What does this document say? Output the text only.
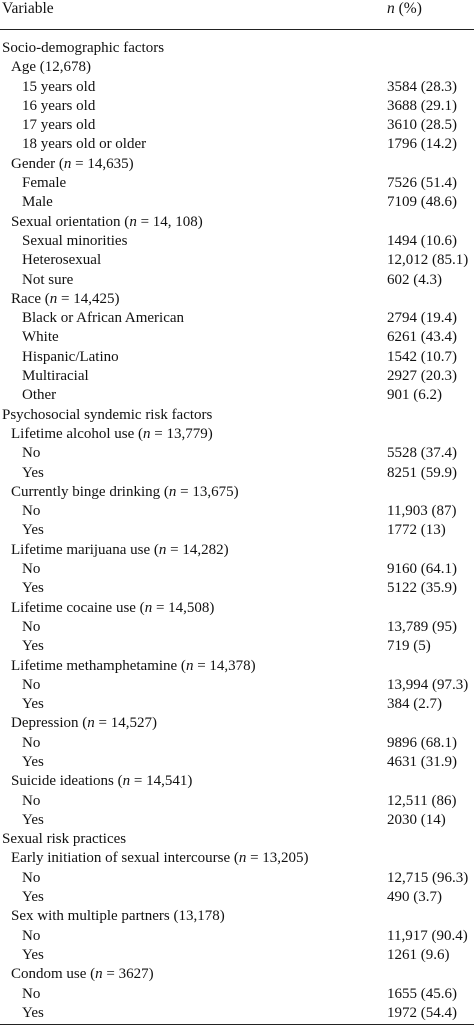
Variable	n (%)
Socio-demographic factors
Age (12,678)
15 years old	3584 (28.3)
16 years old	3688 (29.1)
17 years old	3610 (28.5)
18 years old or older	1796 (14.2)
Gender (n = 14,635)
Female	7526 (51.4)
Male	7109 (48.6)
Sexual orientation (n = 14, 108)
Sexual minorities	1494 (10.6)
Heterosexual	12,012 (85.1)
Not sure	602 (4.3)
Race (n = 14,425)
Black or African American	2794 (19.4)
White	6261 (43.4)
Hispanic/Latino	1542 (10.7)
Multiracial	2927 (20.3)
Other	901 (6.2)
Psychosocial syndemic risk factors
Lifetime alcohol use (n = 13,779)
No	5528 (37.4)
Yes	8251 (59.9)
Currently binge drinking (n = 13,675)
No	11,903 (87)
Yes	1772 (13)
Lifetime marijuana use (n = 14,282)
No	9160 (64.1)
Yes	5122 (35.9)
Lifetime cocaine use (n = 14,508)
No	13,789 (95)
Yes	719 (5)
Lifetime methamphetamine (n = 14,378)
No	13,994 (97.3)
Yes	384 (2.7)
Depression (n = 14,527)
No	9896 (68.1)
Yes	4631 (31.9)
Suicide ideations (n = 14,541)
No	12,511 (86)
Yes	2030 (14)
Sexual risk practices
Early initiation of sexual intercourse (n = 13,205)
No	12,715 (96.3)
Yes	490 (3.7)
Sex with multiple partners (13,178)
No	11,917 (90.4)
Yes	1261 (9.6)
Condom use (n = 3627)
No	1655 (45.6)
Yes	1972 (54.4)
